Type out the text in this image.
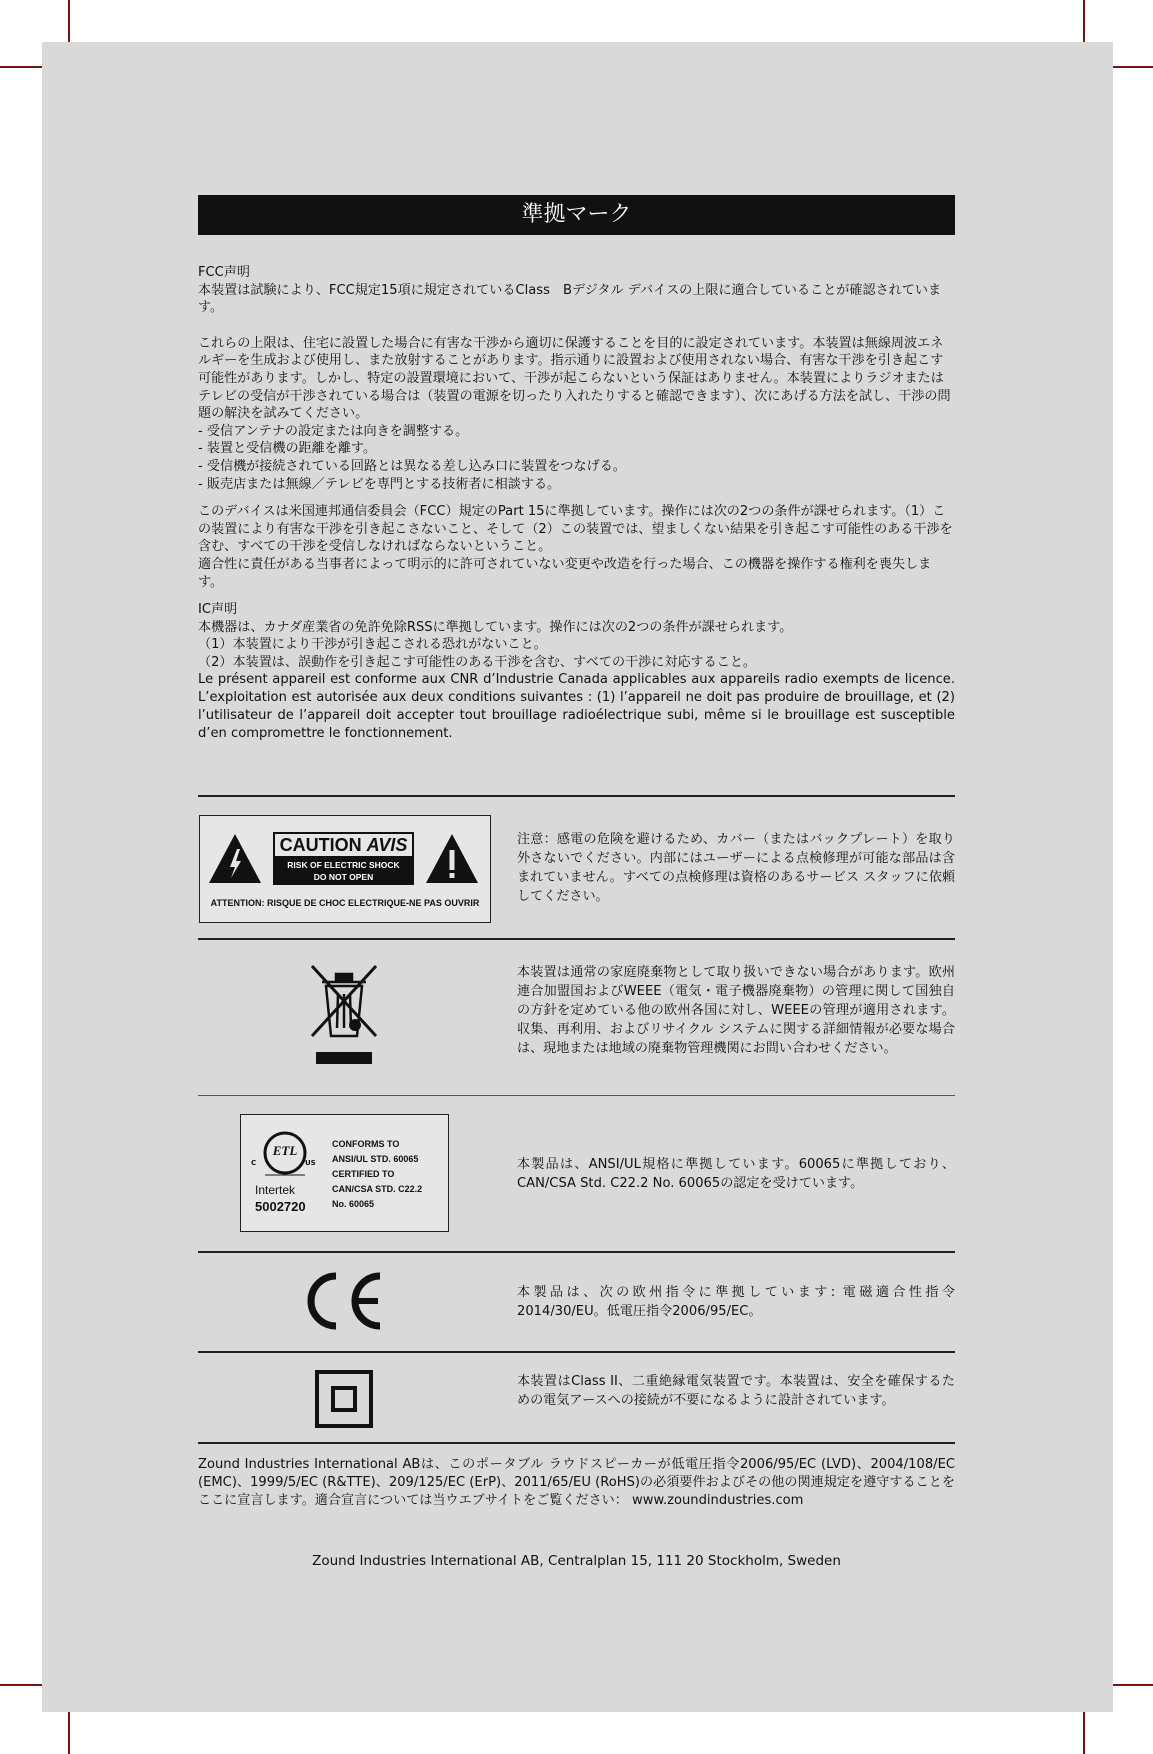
準拠マーク

FCC声明

本装置は試験により、FCC規定15項に規定されているClass　Bデジタル デバイスの上限に適合していることが確認されています。

これらの上限は、住宅に設置した場合に有害な干渉から適切に保護することを目的に設定されています。本装置は無線周波エネルギーを生成および使用し、また放射することがあります。指示通りに設置および使用されない場合、有害な干渉を引き起こす可能性があります。しかし、特定の設置環境において、干渉が起こらないという保証はありません。本装置によりラジオまたはテレビの受信が干渉されている場合は（装置の電源を切ったり入れたりすると確認できます）、次にあげる方法を試し、干渉の問題の解決を試みてください。

- 受信アンテナの設定または向きを調整する。

- 装置と受信機の距離を離す。

- 受信機が接続されている回路とは異なる差し込み口に装置をつなげる。

- 販売店または無線／テレビを専門とする技術者に相談する。

このデバイスは米国連邦通信委員会（FCC）規定のPart 15に準拠しています。操作には次の2つの条件が課せられます。（1）この装置により有害な干渉を引き起こさないこと、そして（2）この装置では、望ましくない結果を引き起こす可能性のある干渉を含む、すべての干渉を受信しなければならないということ。

適合性に責任がある当事者によって明示的に許可されていない変更や改造を行った場合、この機器を操作する権利を喪失します。

IC声明

本機器は、カナダ産業省の免許免除RSSに準拠しています。操作には次の2つの条件が課せられます。

（1）本装置により干渉が引き起こされる恐れがないこと。

（2）本装置は、誤動作を引き起こす可能性のある干渉を含む、すべての干渉に対応すること。

Le présent appareil est conforme aux CNR d’Industrie Canada applicables aux appareils radio exempts de licence. L’exploitation est autorisée aux deux conditions suivantes : (1) l’appareil ne doit pas produire de brouillage, et (2) l’utilisateur de l’appareil doit accepter tout brouillage radioélectrique subi, même si le brouillage est susceptible d’en compromettre le fonctionnement.

CAUTION AVIS
RISK OF ELECTRIC SHOCK
DO NOT OPEN
ATTENTION: RISQUE DE CHOC ELECTRIQUE-NE PAS OUVRIR
注意：感電の危険を避けるため、カバー（またはバックプレート）を取り外さないでください。内部にはユーザーによる点検修理が可能な部品は含まれていません。すべての点検修理は資格のあるサービス スタッフに依頼してください。
本装置は通常の家庭廃棄物として取り扱いできない場合があります。欧州連合加盟国およびWEEE（電気・電子機器廃棄物）の管理に関して国独自の方針を定めている他の欧州各国に対し、WEEEの管理が適用されます。収集、再利用、およびリサイクル システムに関する詳細情報が必要な場合は、現地または地域の廃棄物管理機関にお問い合わせください。
ETL
C	US
Intertek
5002720
CONFORMS TO
ANSI/UL STD. 60065
CERTIFIED TO
CAN/CSA STD. C22.2
No. 60065
本製品は、ANSI/UL規格に準拠しています。60065に準拠しており、CAN/CSA Std. C22.2 No. 60065の認定を受けています。
本製品は、次の欧州指令に準拠しています: 電磁適合性指令2014/30/EU。低電圧指令2006/95/EC。
本装置はClass II、二重絶縁電気装置です。本装置は、安全を確保するための電気アースへの接続が不要になるように設計されています。
Zound Industries International ABは、このポータブル ラウドスピーカーが低電圧指令2006/95/EC (LVD)、2004/108/EC (EMC)、1999/5/EC (R&TTE)、209/125/EC (ErP)、2011/65/EU (RoHS)の必須要件およびその他の関連規定を遵守することをここに宣言します。適合宣言については当ウエブサイトをご覧ください： www.zoundindustries.com
Zound Industries International AB, Centralplan 15, 111 20 Stockholm, Sweden
